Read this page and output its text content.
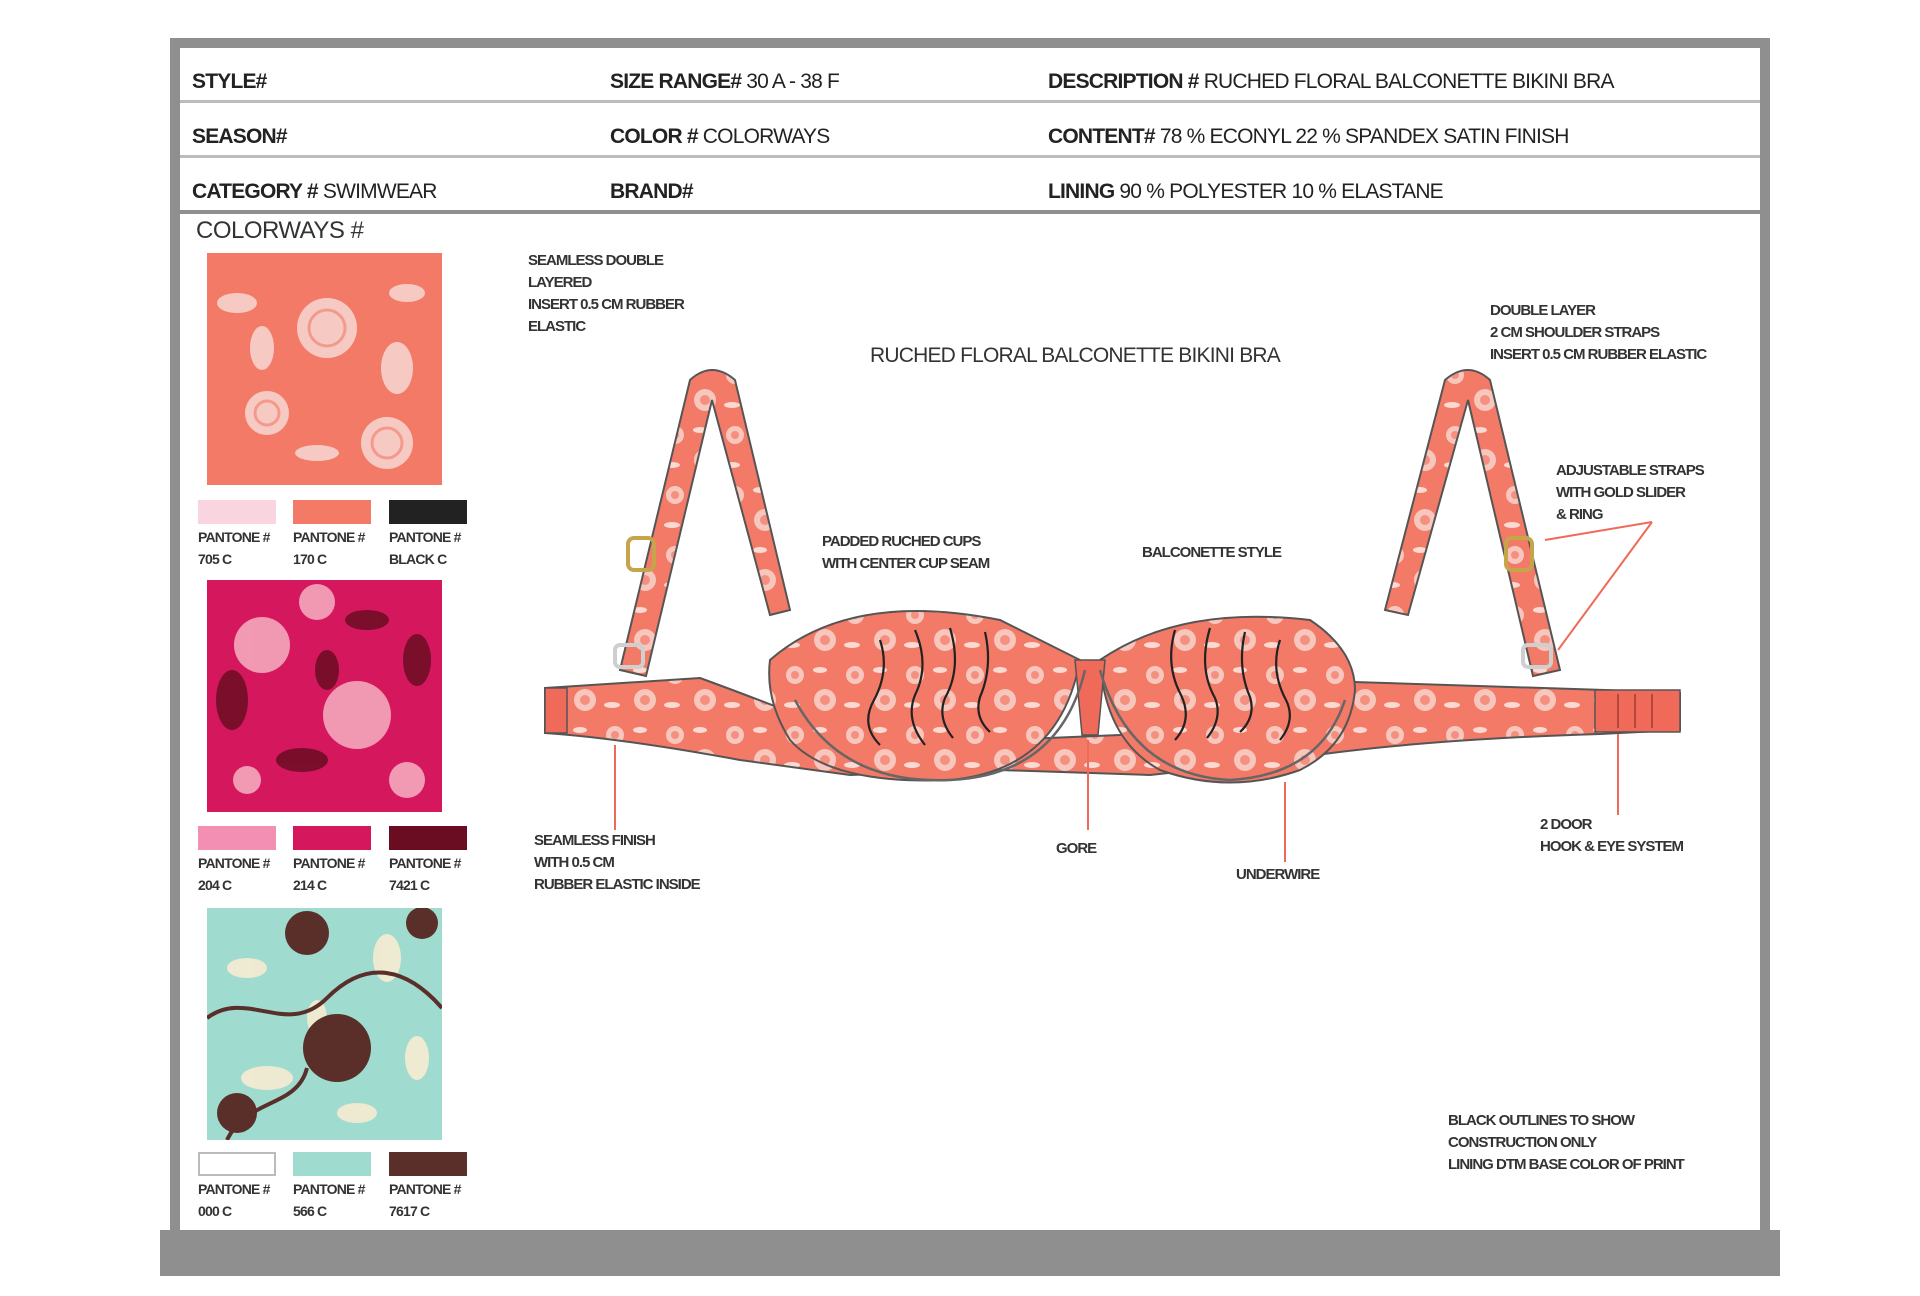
STYLE#	SIZE RANGE# 30 A - 38 F	DESCRIPTION # RUCHED FLORAL BALCONETTE BIKINI BRA
SEASON#	COLOR # COLORWAYS	CONTENT# 78 % ECONYL 22 % SPANDEX SATIN FINISH
CATEGORY # SWIMWEAR	BRAND#	LINING 90 % POLYESTER 10 % ELASTANE
COLORWAYS #
PANTONE #
705 C
PANTONE #
170 C
PANTONE #
BLACK C
PANTONE #
204 C
PANTONE #
214 C
PANTONE #
7421 C
PANTONE #
000 C
PANTONE #
566 C
PANTONE #
7617 C
RUCHED FLORAL BALCONETTE BIKINI BRA
SEAMLESS DOUBLE
LAYERED
INSERT 0.5 CM RUBBER
ELASTIC
DOUBLE LAYER
2 CM SHOULDER STRAPS
INSERT 0.5 CM RUBBER ELASTIC
ADJUSTABLE STRAPS
WITH GOLD SLIDER
& RING
PADDED RUCHED CUPS
WITH CENTER CUP SEAM
BALCONETTE STYLE
SEAMLESS FINISH
WITH 0.5 CM
RUBBER ELASTIC INSIDE
GORE
UNDERWIRE
2 DOOR
HOOK & EYE SYSTEM
BLACK OUTLINES TO SHOW
CONSTRUCTION ONLY
LINING DTM BASE COLOR OF PRINT
